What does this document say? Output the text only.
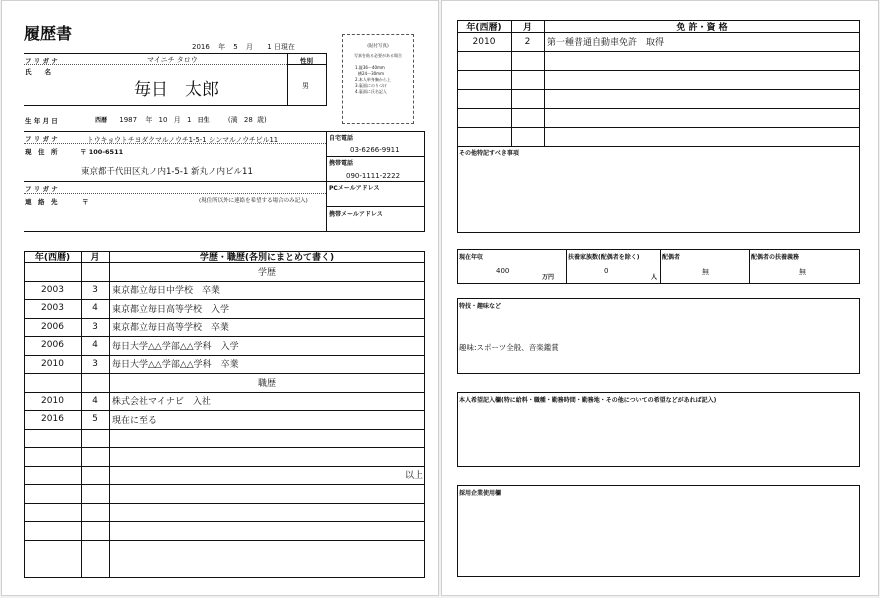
履歴書
2016 年 5 月 1 日現在	(貼付写真)
写真を貼る必要がある場合
1.縦36〜40mm
横24〜30mm
2.本人単身胸から上
3.裏面にのりづけ
4.裏面に氏名記入
フ リ ガ ナ	マイニチ タロウ
氏　　名
毎日　太郎
性別
男
生 年 月 日	西暦 1987 年 10 月 1 日生	(満 28 歳)
フ リ ガ ナ	トウキョウトチヨダクマルノウチ1-5-1 シンマルノウチビル11
現　住　所	〒 100-6511
東京都千代田区丸ノ内1-5-1 新丸ノ内ビル11
自宅電話
03-6266-9911
携帯電話
090-1111-2222
PCメールアドレス
携帯メールアドレス
フ リ ガ ナ
連　絡　先	〒	(現住所以外に連絡を希望する場合のみ記入)
年(西暦)	月	学歴・職歴(各別にまとめて書く)
学歴
2003	3	東京都立毎日中学校　卒業
2003	4	東京都立毎日高等学校　入学
2006	3	東京都立毎日高等学校　卒業
2006	4	毎日大学△△学部△△学科　入学
2010	3	毎日大学△△学部△△学科　卒業
職歴
2010	4	株式会社マイナビ　入社
2016	5	現在に至る
以上
年(西暦)	月	免 許・資 格
2010	2	第一種普通自動車免許　取得
その他特記すべき事項
現在年収
400
万円
扶養家族数(配偶者を除く)
0
人
配偶者
無
配偶者の扶養義務
無
特技・趣味など
趣味:スポーツ全般、音楽鑑賞
本人希望記入欄(特に給料・職種・勤務時間・勤務地・その他についての希望などがあれば記入)
採用企業使用欄
